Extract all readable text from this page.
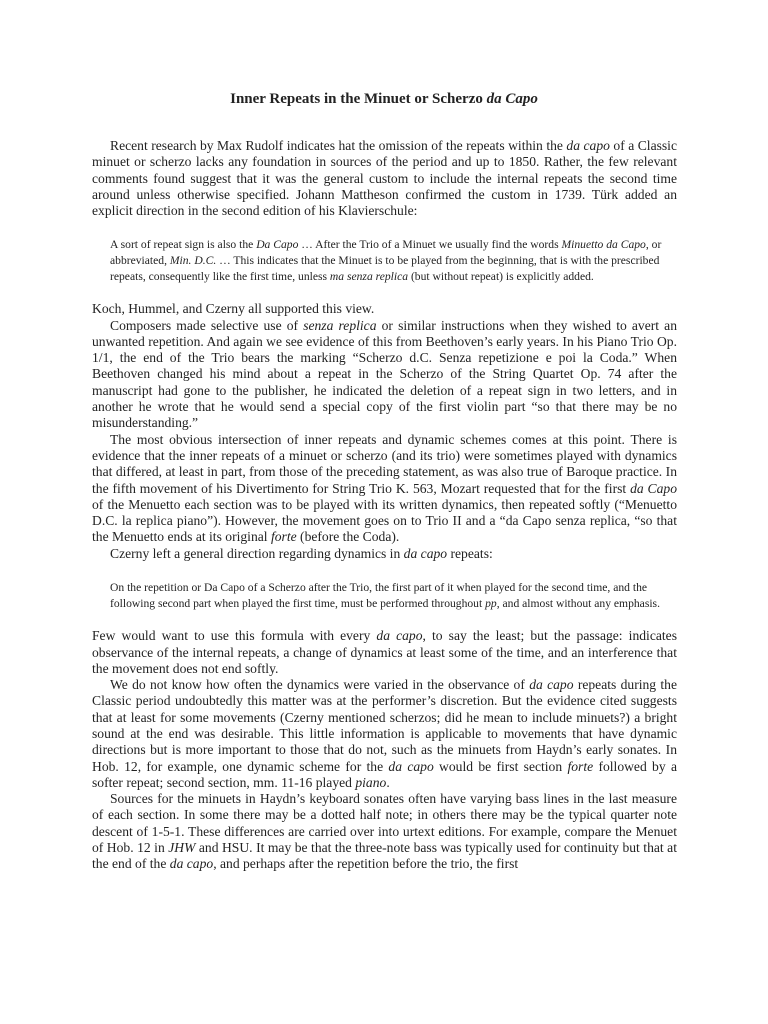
Inner Repeats in the Minuet or Scherzo da Capo

Recent research by Max Rudolf indicates hat the omission of the repeats within the da capo of a Classic minuet or scherzo lacks any foundation in sources of the period and up to 1850. Rather, the few relevant comments found suggest that it was the general custom to include the internal repeats the second time around unless otherwise specified. Johann Mattheson confirmed the custom in 1739. Türk added an explicit direction in the second edition of his Klavierschule:

A sort of repeat sign is also the Da Capo … After the Trio of a Minuet we usually find the words Minuetto da Capo, or abbreviated, Min. D.C. … This indicates that the Minuet is to be played from the beginning, that is with the prescribed repeats, consequently like the first time, unless ma senza replica (but without repeat) is explicitly added.

Koch, Hummel, and Czerny all supported this view.

Composers made selective use of senza replica or similar instructions when they wished to avert an unwanted repetition. And again we see evidence of this from Beethoven’s early years. In his Piano Trio Op. 1/1, the end of the Trio bears the marking “Scherzo d.C. Senza repetizione e poi la Coda.” When Beethoven changed his mind about a repeat in the Scherzo of the String Quartet Op. 74 after the manuscript had gone to the publisher, he indicated the deletion of a repeat sign in two letters, and in another he wrote that he would send a special copy of the first violin part “so that there may be no misunderstanding.”

The most obvious intersection of inner repeats and dynamic schemes comes at this point. There is evidence that the inner repeats of a minuet or scherzo (and its trio) were sometimes played with dynamics that differed, at least in part, from those of the preceding statement, as was also true of Baroque practice. In the fifth movement of his Divertimento for String Trio K. 563, Mozart requested that for the first da Capo of the Menuetto each section was to be played with its written dynamics, then repeated softly (“Menuetto D.C. la replica piano”). However, the movement goes on to Trio II and a “da Capo senza replica, “so that the Menuetto ends at its original forte (before the Coda).

Czerny left a general direction regarding dynamics in da capo repeats:

On the repetition or Da Capo of a Scherzo after the Trio, the first part of it when played for the second time, and the following second part when played the first time, must be performed throughout pp, and almost without any emphasis.

Few would want to use this formula with every da capo, to say the least; but the passage: indicates observance of the internal repeats, a change of dynamics at least some of the time, and an interference that the movement does not end softly.

We do not know how often the dynamics were varied in the observance of da capo repeats during the Classic period undoubtedly this matter was at the performer’s discretion. But the evidence cited suggests that at least for some movements (Czerny mentioned scherzos; did he mean to include minuets?) a bright sound at the end was desirable. This little information is applicable to movements that have dynamic directions but is more important to those that do not, such as the minuets from Haydn’s early sonates. In Hob. 12, for example, one dynamic scheme for the da capo would be first section forte followed by a softer repeat; second section, mm. 11-16 played piano.

Sources for the minuets in Haydn’s keyboard sonates often have varying bass lines in the last measure of each section. In some there may be a dotted half note; in others there may be the typical quarter note descent of 1-5-1. These differences are carried over into urtext editions. For example, compare the Menuet of Hob. 12 in JHW and HSU. It may be that the three-note bass was typically used for continuity but that at the end of the da capo, and perhaps after the repetition before the trio, the first
